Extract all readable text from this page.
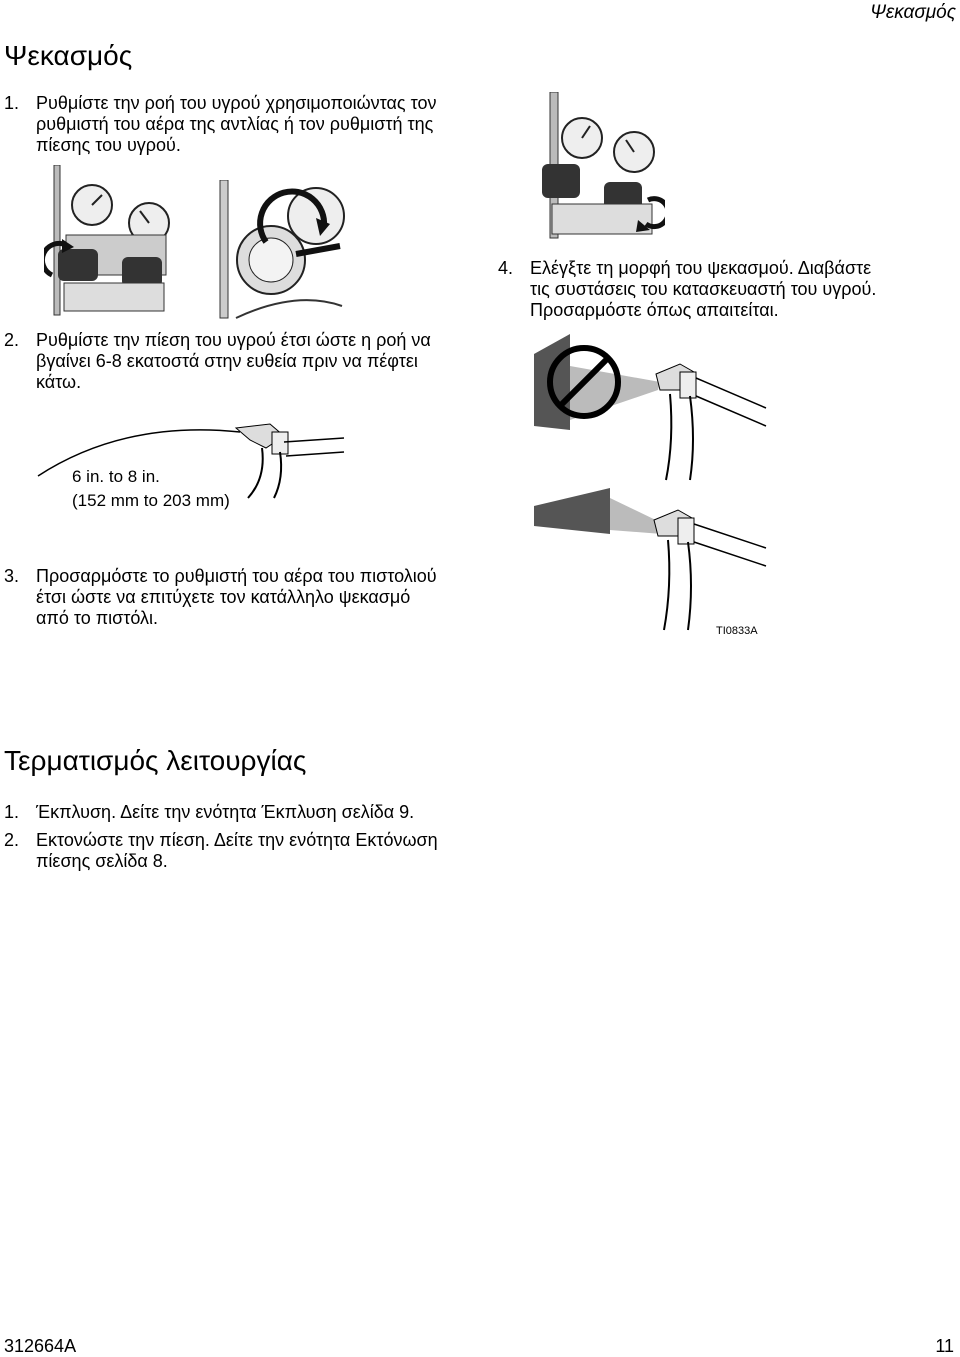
Ψεκασμός
Ψεκασμός
1. Ρυθμίστε την ροή του υγρού χρησιμοποιώντας τον
ρυθμιστή του αέρα της αντλίας ή τον ρυθμιστή της
πίεσης του υγρού.
4. Ελέγξτε τη μορφή του ψεκασμού. Διαβάστε
τις συστάσεις του κατασκευαστή του υγρού.
Προσαρμόστε όπως απαιτείται.
2. Ρυθμίστε την πίεση του υγρού έτσι ώστε η ροή να
βγαίνει 6-8 εκατοστά στην ευθεία πριν να πέφτει
κάτω.
6 in. to 8 in.
(152 mm to 203 mm)
TI0833A
3. Προσαρμόστε το ρυθμιστή του αέρα του πιστολιού
έτσι ώστε να επιτύχετε τον κατάλληλο ψεκασμό
από το πιστόλι.
Τερματισμός λειτουργίας
1. Έκπλυση. Δείτε την ενότητα Έκπλυση σελίδα 9.
2. Εκτονώστε την πίεση. Δείτε την ενότητα Εκτόνωση
πίεσης σελίδα 8.
312664A	11
